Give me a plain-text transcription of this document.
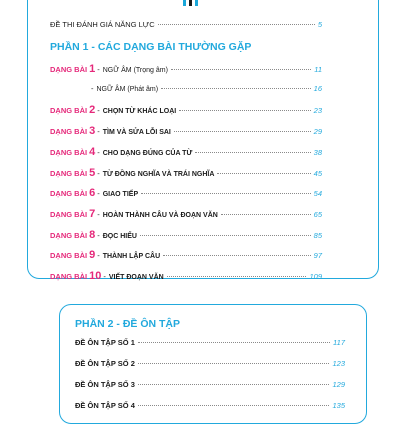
ĐỀ THI ĐÁNH GIÁ NĂNG LỰC	5
PHẦN 1 - CÁC DẠNG BÀI THƯỜNG GẶP
DẠNG BÀI 1 - NGỮ ÂM (Trọng âm)	11
- NGỮ ÂM (Phát âm)	16
DẠNG BÀI 2 - CHỌN TỪ KHÁC LOẠI	23
DẠNG BÀI 3 - TÌM VÀ SỬA LỖI SAI	29
DẠNG BÀI 4 - CHO DẠNG ĐÚNG CỦA TỪ	38
DẠNG BÀI 5 - TỪ ĐỒNG NGHĨA VÀ TRÁI NGHĨA	45
DẠNG BÀI 6 - GIAO TIẾP	54
DẠNG BÀI 7 - HOÀN THÀNH CÂU VÀ ĐOẠN VĂN	65
DẠNG BÀI 8 - ĐỌC HIỂU	85
DẠNG BÀI 9 - THÀNH LẬP CÂU	97
DẠNG BÀI 10 - VIẾT ĐOẠN VĂN	109
PHẦN 2 - ĐỀ ÔN TẬP
ĐỀ ÔN TẬP SỐ 1	117
ĐỀ ÔN TẬP SỐ 2	123
ĐỀ ÔN TẬP SỐ 3	129
ĐỀ ÔN TẬP SỐ 4	135
